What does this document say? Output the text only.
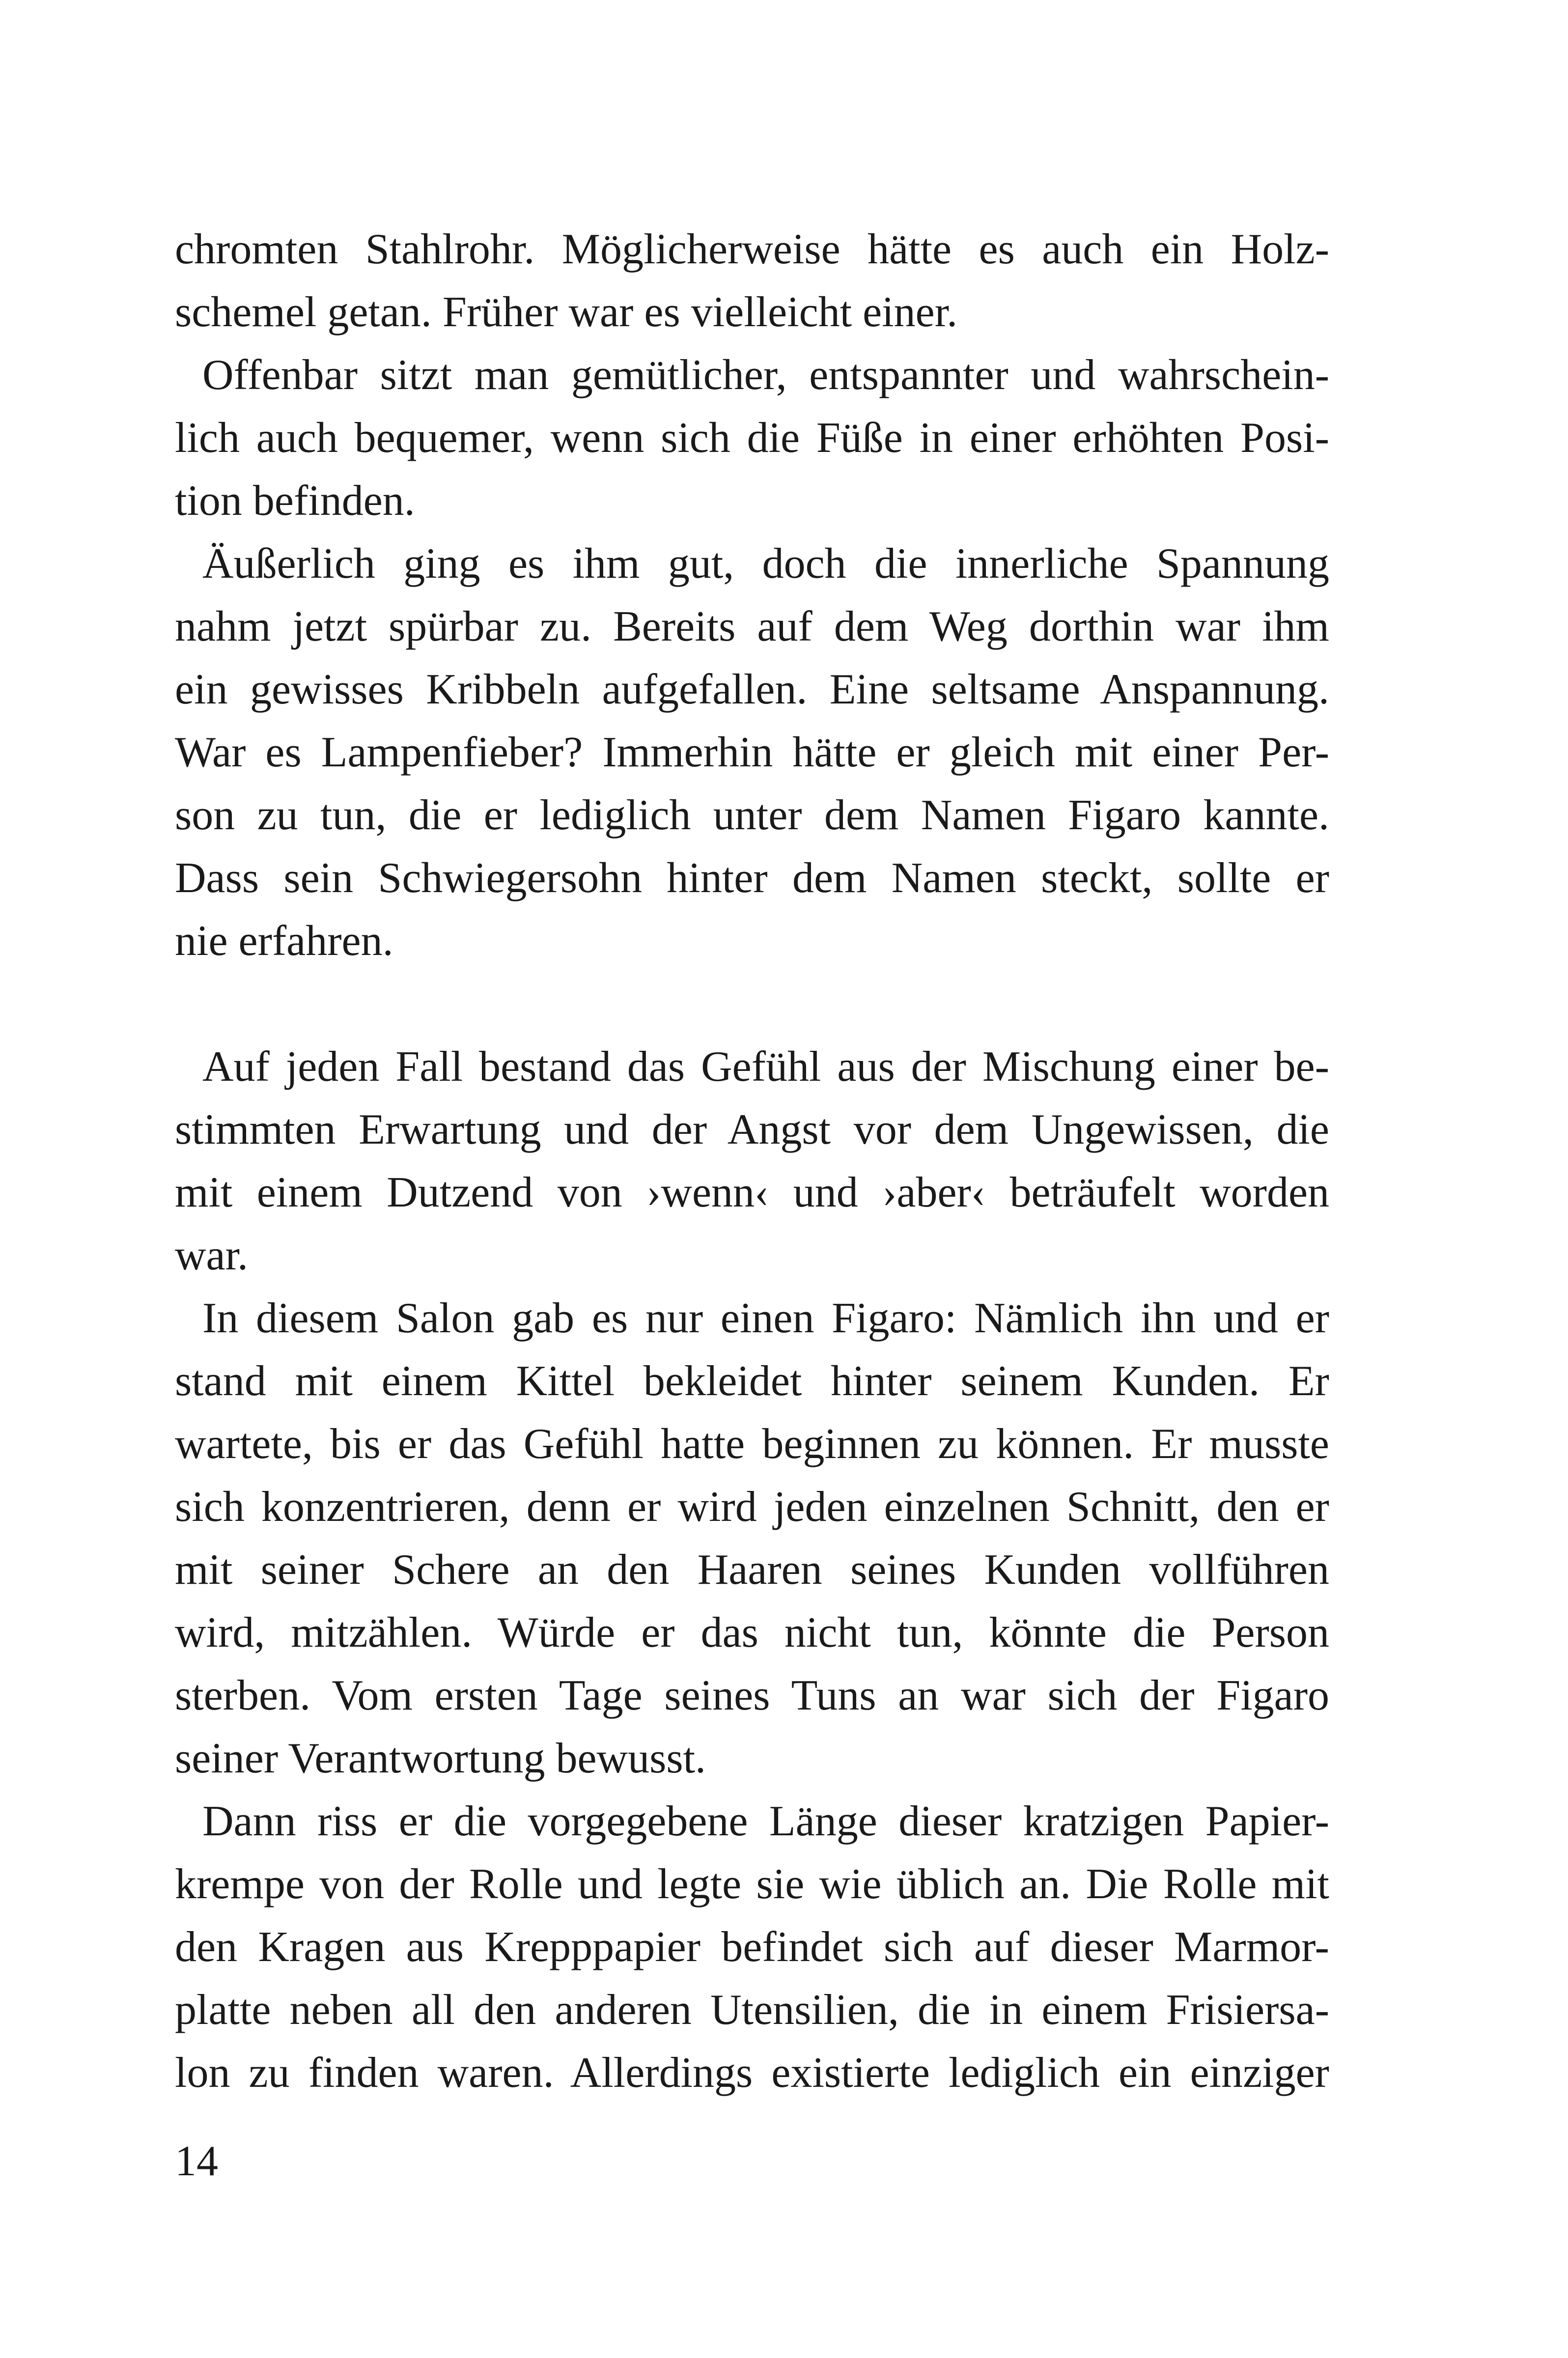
chromten Stahlrohr. Möglicherweise hätte es auch ein Holz-
schemel getan. Früher war es vielleicht einer.
Offenbar sitzt man gemütlicher, entspannter und wahrschein-
lich auch bequemer, wenn sich die Füße in einer erhöhten Posi-
tion befinden.
Äußerlich ging es ihm gut, doch die innerliche Spannung
nahm jetzt spürbar zu. Bereits auf dem Weg dorthin war ihm
ein gewisses Kribbeln aufgefallen. Eine seltsame Anspannung.
War es Lampenfieber? Immerhin hätte er gleich mit einer Per-
son zu tun, die er lediglich unter dem Namen Figaro kannte.
Dass sein Schwiegersohn hinter dem Namen steckt, sollte er
nie erfahren.
Auf jeden Fall bestand das Gefühl aus der Mischung einer be-
stimmten Erwartung und der Angst vor dem Ungewissen, die
mit einem Dutzend von ›wenn‹ und ›aber‹ beträufelt worden
war.
In diesem Salon gab es nur einen Figaro: Nämlich ihn und er
stand mit einem Kittel bekleidet hinter seinem Kunden. Er
wartete, bis er das Gefühl hatte beginnen zu können. Er musste
sich konzentrieren, denn er wird jeden einzelnen Schnitt, den er
mit seiner Schere an den Haaren seines Kunden vollführen
wird, mitzählen. Würde er das nicht tun, könnte die Person
sterben. Vom ersten Tage seines Tuns an war sich der Figaro
seiner Verantwortung bewusst.
Dann riss er die vorgegebene Länge dieser kratzigen Papier-
krempe von der Rolle und legte sie wie üblich an. Die Rolle mit
den Kragen aus Krepppapier befindet sich auf dieser Marmor-
platte neben all den anderen Utensilien, die in einem Frisiersa-
lon zu finden waren. Allerdings existierte lediglich ein einziger
14
